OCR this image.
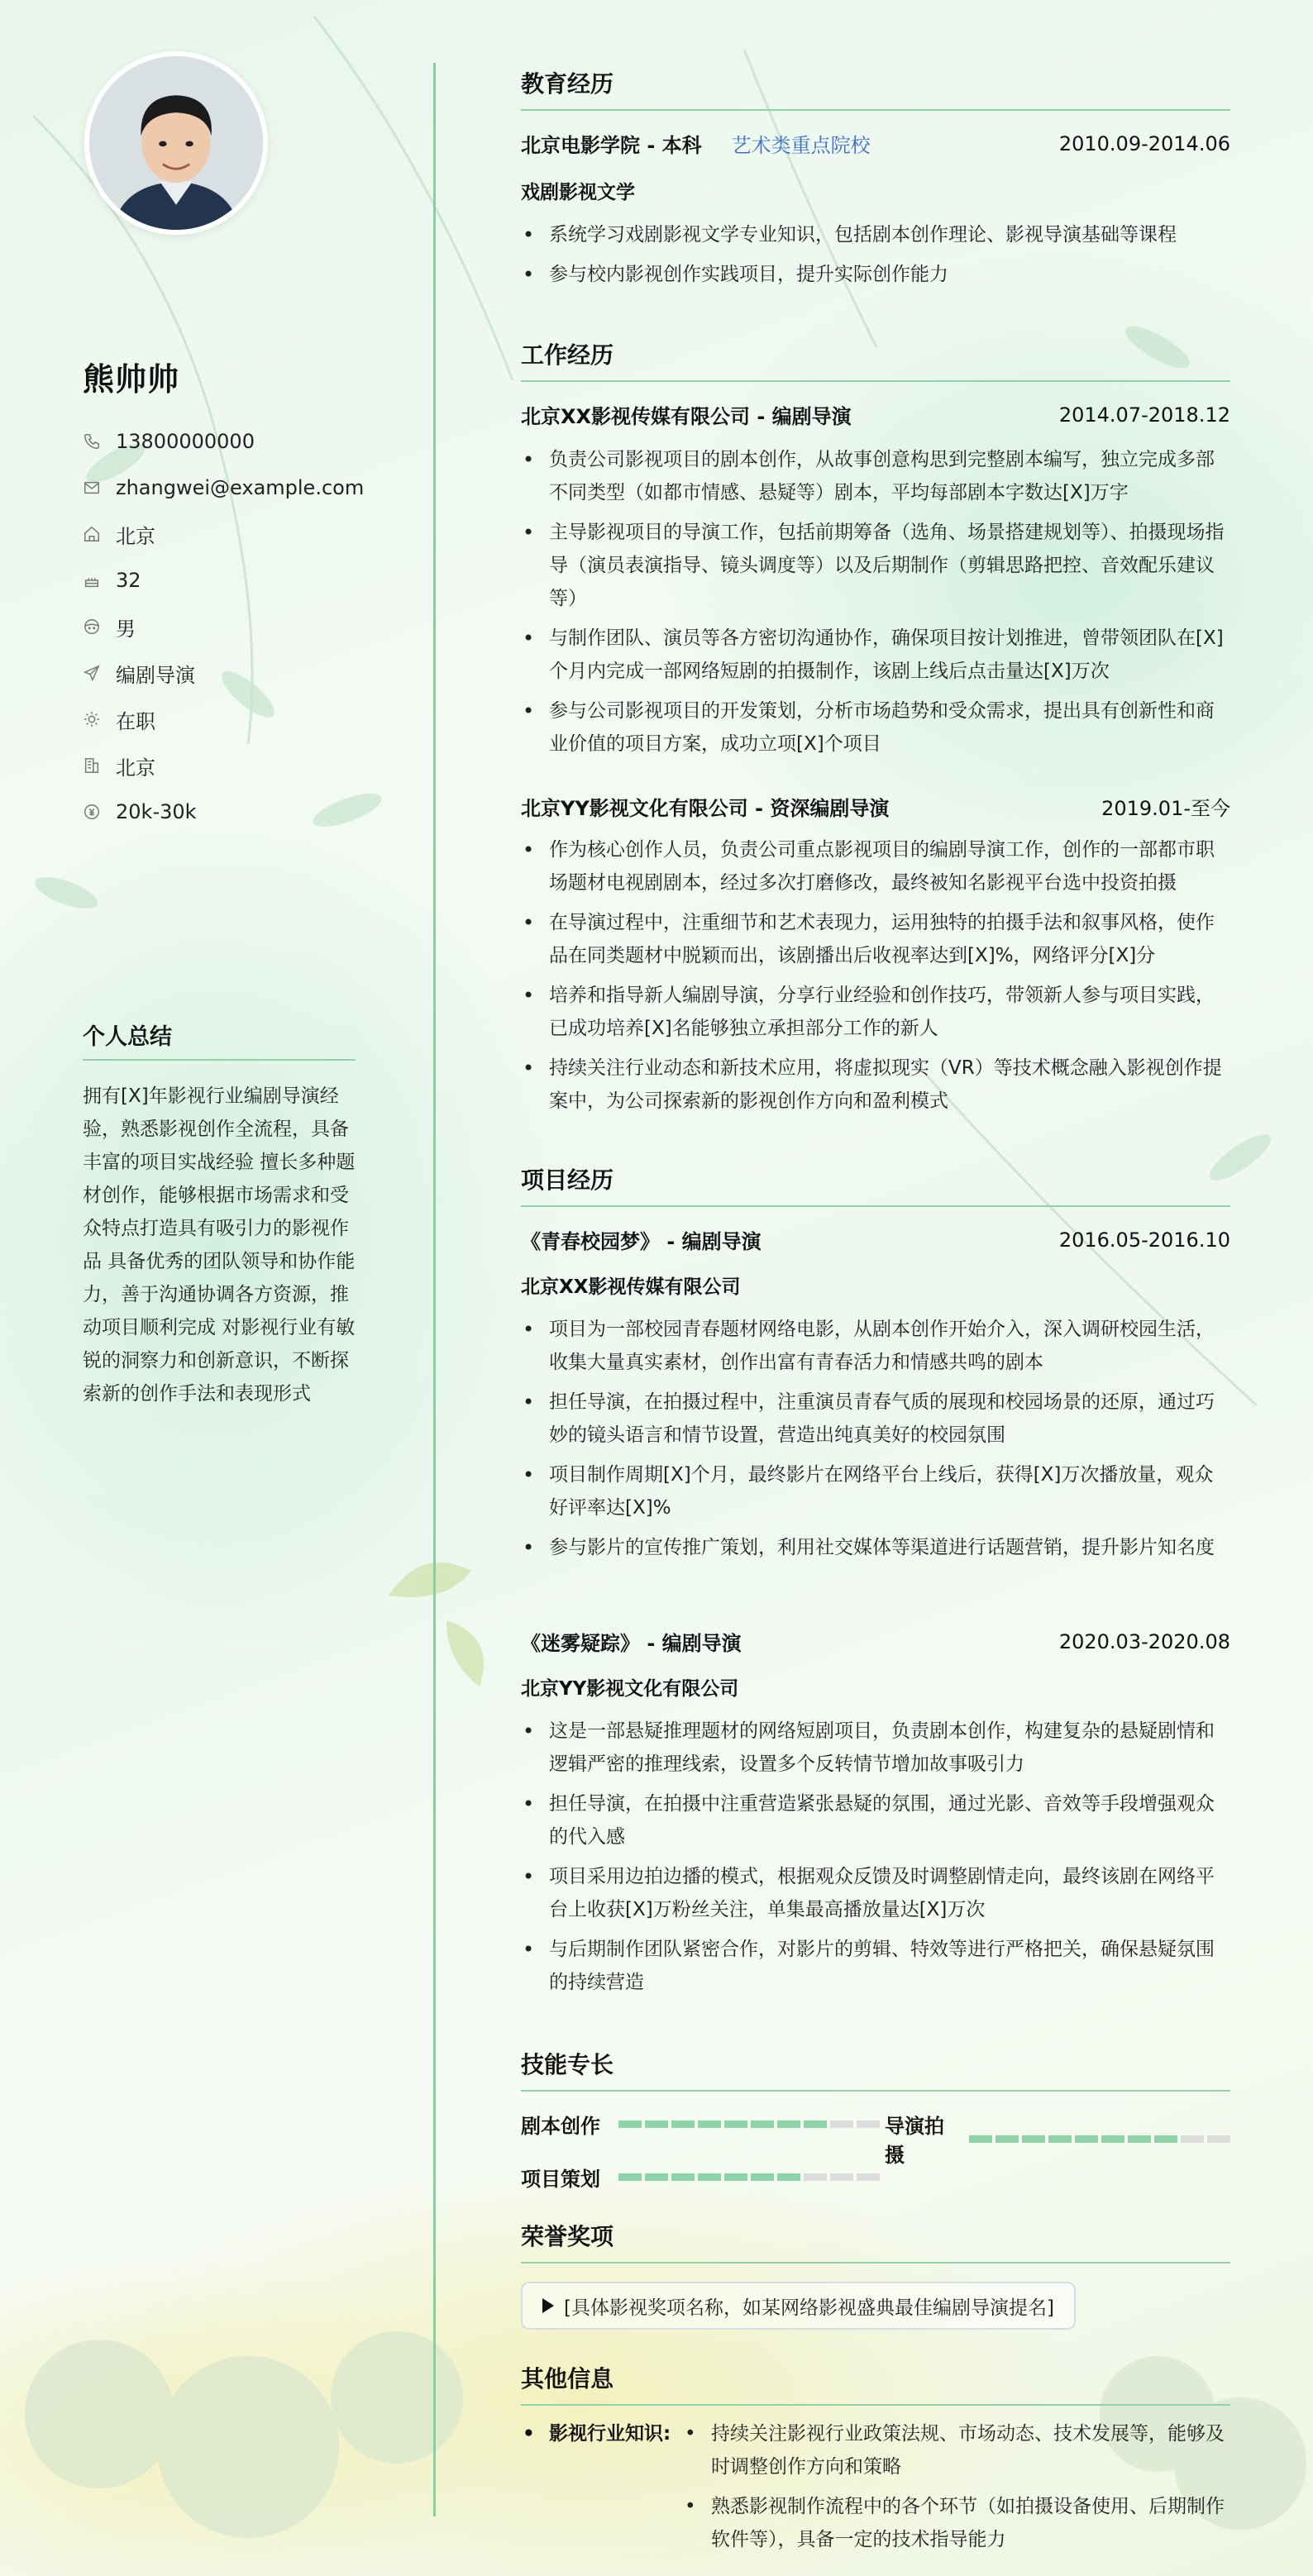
熊帅帅
13800000000
zhangwei@example.com
北京
32
男
编剧导演
在职
北京
20k-30k
个人总结
拥有[X]年影视行业编剧导演经验，熟悉影视创作全流程，具备丰富的项目实战经验 擅长多种题材创作，能够根据市场需求和受众特点打造具有吸引力的影视作品 具备优秀的团队领导和协作能力，善于沟通协调各方资源，推动项目顺利完成 对影视行业有敏锐的洞察力和创新意识，不断探索新的创作手法和表现形式
教育经历
北京电影学院 - 本科 艺术类重点院校	2010.09-2014.06
戏剧影视文学
• 系统学习戏剧影视文学专业知识，包括剧本创作理论、影视导演基础等课程
• 参与校内影视创作实践项目，提升实际创作能力
工作经历
北京XX影视传媒有限公司 - 编剧导演	2014.07-2018.12
• 负责公司影视项目的剧本创作，从故事创意构思到完整剧本编写，独立完成多部不同类型（如都市情感、悬疑等）剧本，平均每部剧本字数达[X]万字
• 主导影视项目的导演工作，包括前期筹备（选角、场景搭建规划等）、拍摄现场指导（演员表演指导、镜头调度等）以及后期制作（剪辑思路把控、音效配乐建议等）
• 与制作团队、演员等各方密切沟通协作，确保项目按计划推进，曾带领团队在[X]个月内完成一部网络短剧的拍摄制作，该剧上线后点击量达[X]万次
• 参与公司影视项目的开发策划，分析市场趋势和受众需求，提出具有创新性和商业价值的项目方案，成功立项[X]个项目
北京YY影视文化有限公司 - 资深编剧导演	2019.01-至今
• 作为核心创作人员，负责公司重点影视项目的编剧导演工作，创作的一部都市职场题材电视剧剧本，经过多次打磨修改，最终被知名影视平台选中投资拍摄
• 在导演过程中，注重细节和艺术表现力，运用独特的拍摄手法和叙事风格，使作品在同类题材中脱颖而出，该剧播出后收视率达到[X]%，网络评分[X]分
• 培养和指导新人编剧导演，分享行业经验和创作技巧，带领新人参与项目实践，已成功培养[X]名能够独立承担部分工作的新人
• 持续关注行业动态和新技术应用，将虚拟现实（VR）等技术概念融入影视创作提案中，为公司探索新的影视创作方向和盈利模式
项目经历
《青春校园梦》 - 编剧导演	2016.05-2016.10
北京XX影视传媒有限公司
• 项目为一部校园青春题材网络电影，从剧本创作开始介入，深入调研校园生活，收集大量真实素材，创作出富有青春活力和情感共鸣的剧本
• 担任导演，在拍摄过程中，注重演员青春气质的展现和校园场景的还原，通过巧妙的镜头语言和情节设置，营造出纯真美好的校园氛围
• 项目制作周期[X]个月，最终影片在网络平台上线后，获得[X]万次播放量，观众好评率达[X]%
• 参与影片的宣传推广策划，利用社交媒体等渠道进行话题营销，提升影片知名度
《迷雾疑踪》 - 编剧导演	2020.03-2020.08
北京YY影视文化有限公司
• 这是一部悬疑推理题材的网络短剧项目，负责剧本创作，构建复杂的悬疑剧情和逻辑严密的推理线索，设置多个反转情节增加故事吸引力
• 担任导演，在拍摄中注重营造紧张悬疑的氛围，通过光影、音效等手段增强观众的代入感
• 项目采用边拍边播的模式，根据观众反馈及时调整剧情走向，最终该剧在网络平台上收获[X]万粉丝关注，单集最高播放量达[X]万次
• 与后期制作团队紧密合作，对影片的剪辑、特效等进行严格把关，确保悬疑氛围的持续营造
技能专长
剧本创作	导演拍摄
项目策划
荣誉奖项
[具体影视奖项名称，如某网络影视盛典最佳编剧导演提名]
其他信息
• 影视行业知识:
•	持续关注影视行业政策法规、市场动态、技术发展等，能够及时调整创作方向和策略
• 熟悉影视制作流程中的各个环节（如拍摄设备使用、后期制作软件等），具备一定的技术指导能力
